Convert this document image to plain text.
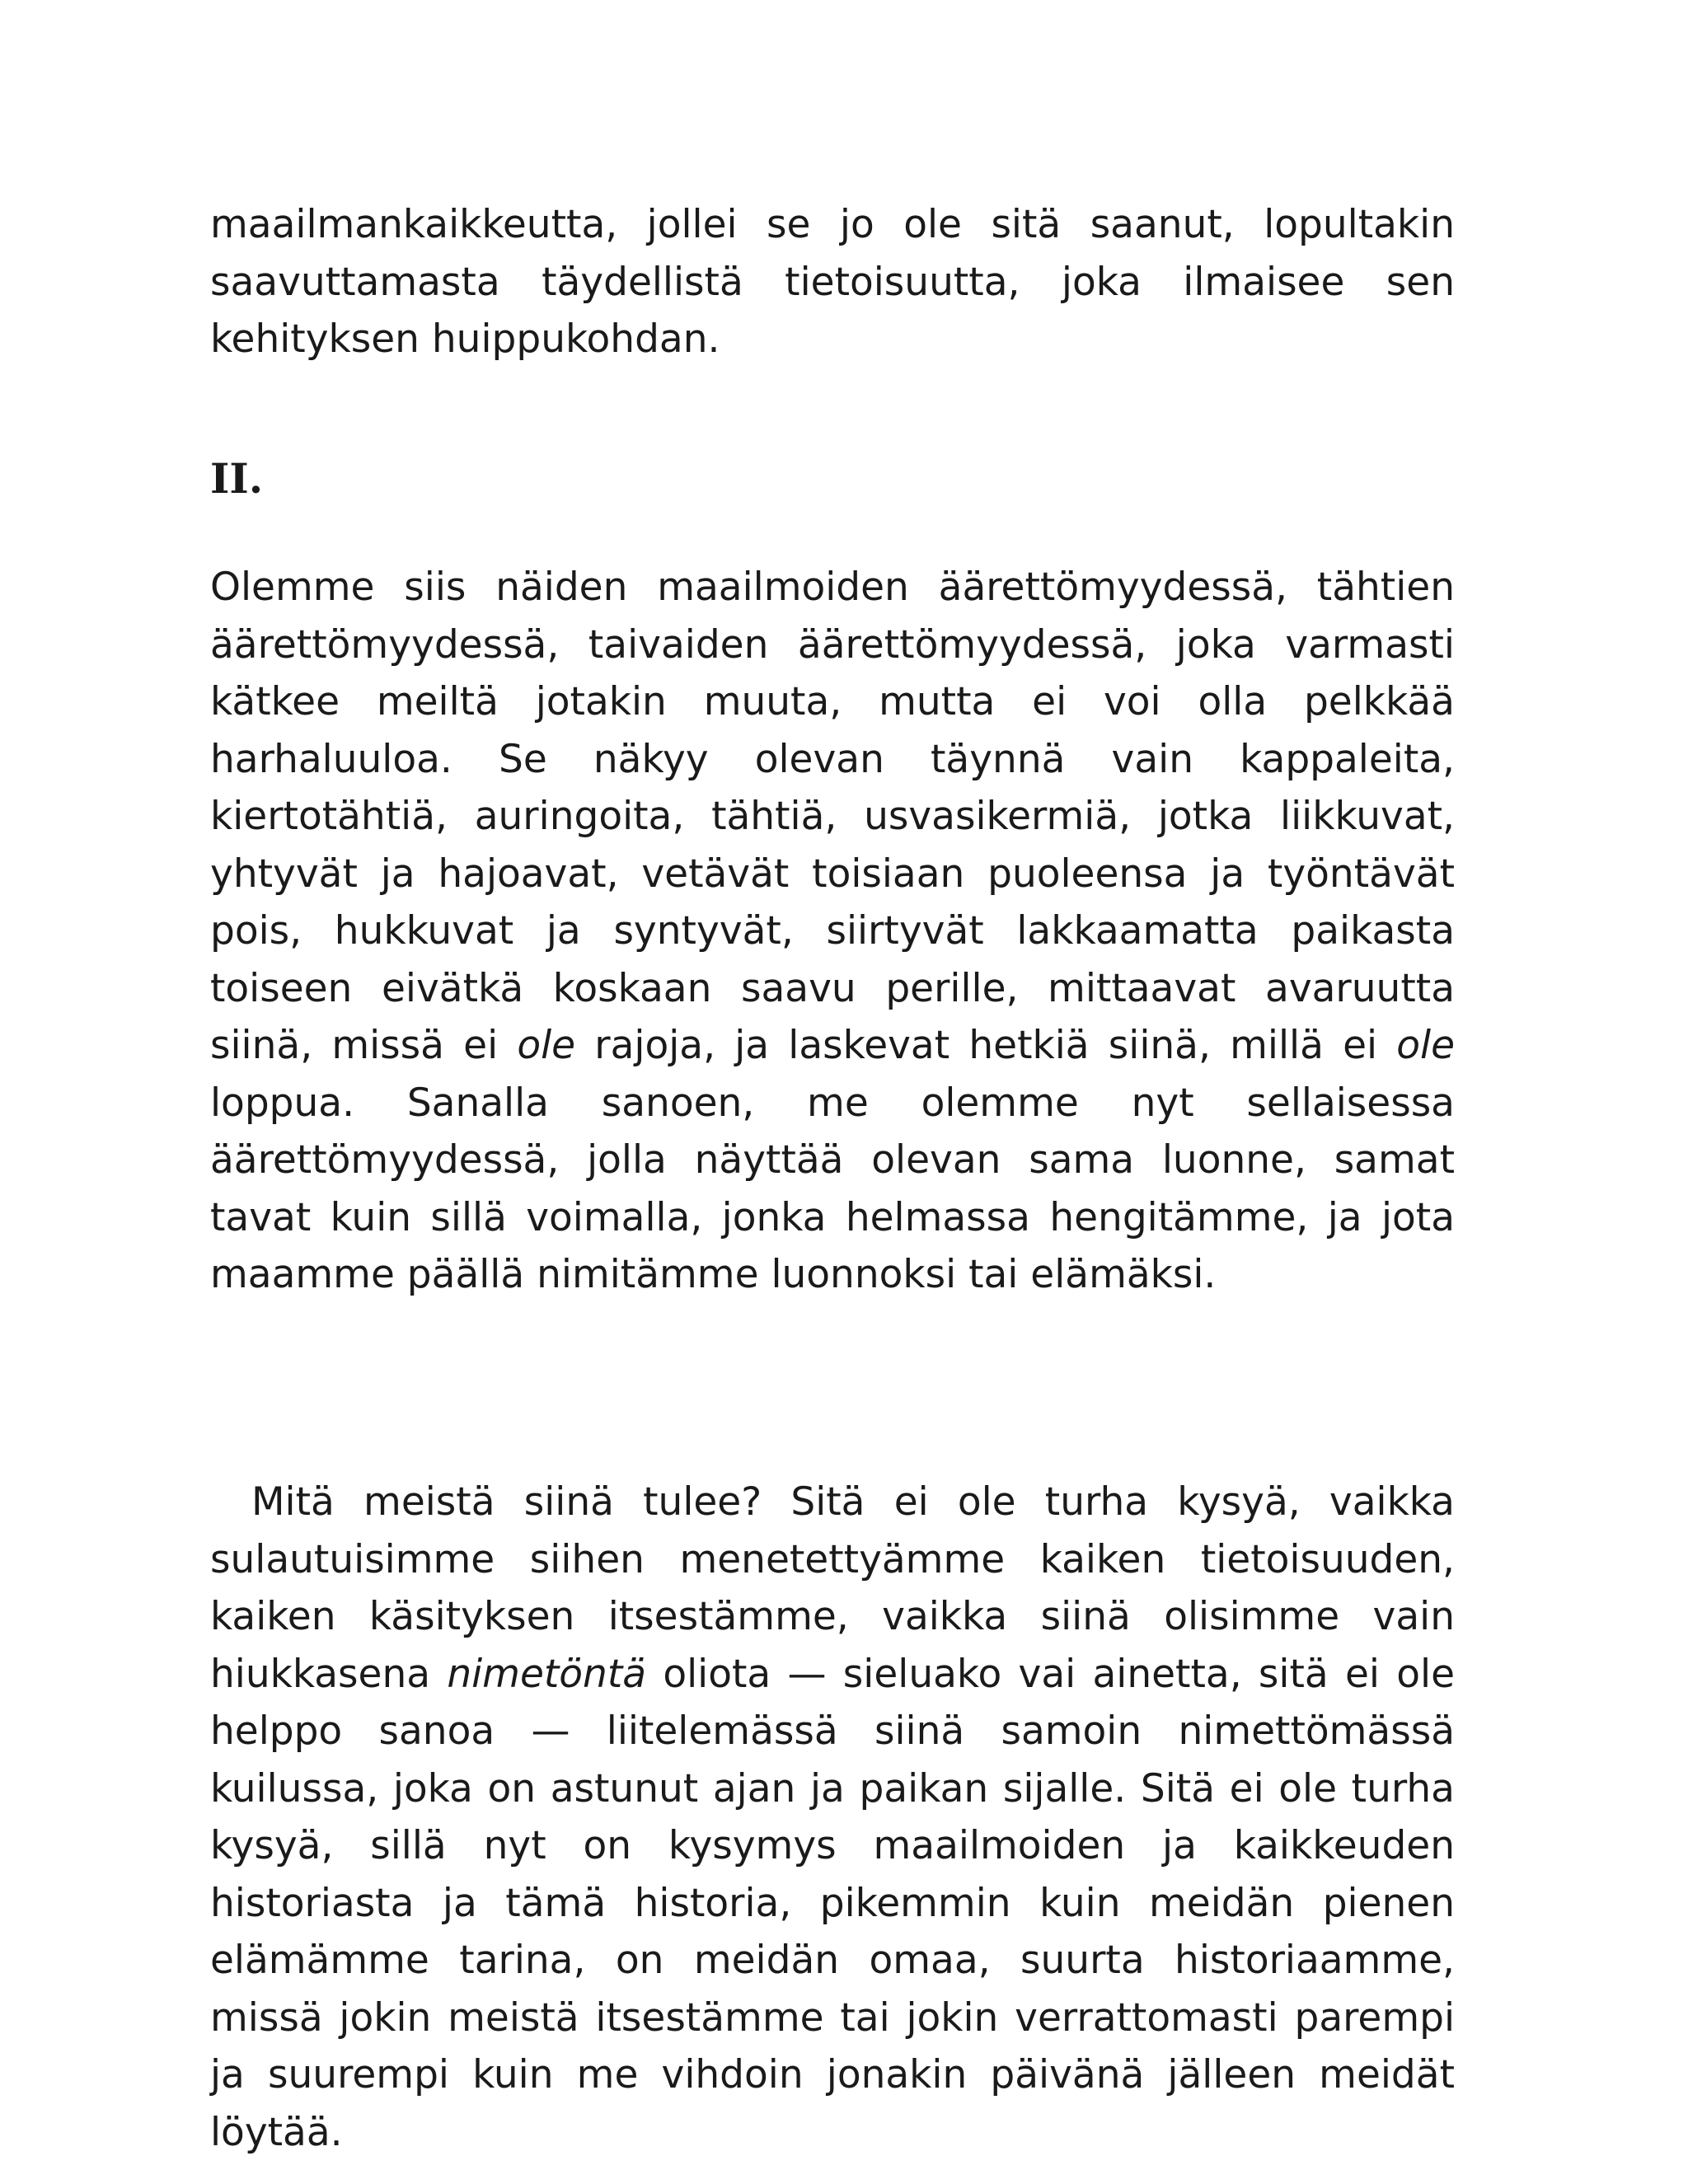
maailmankaikkeutta, jollei se jo ole sitä saanut, lopultakin saavuttamasta täydellistä tietoisuutta, joka ilmaisee sen kehityksen huippukohdan.

II.

Olemme siis näiden maailmoiden äärettömyydessä, tähtien äärettömyydessä, taivaiden äärettömyydessä, joka varmasti kätkee meiltä jotakin muuta, mutta ei voi olla pelkkää harhaluuloa. Se näkyy olevan täynnä vain kappaleita, kiertotähtiä, auringoita, tähtiä, usvasikermiä, jotka liikkuvat, yhtyvät ja hajoavat, vetävät toisiaan puoleensa ja työntävät pois, hukkuvat ja syntyvät, siirtyvät lakkaamatta paikasta toiseen eivätkä koskaan saavu perille, mittaavat avaruutta siinä, missä ei ole rajoja, ja laskevat hetkiä siinä, millä ei ole loppua. Sanalla sanoen, me olemme nyt sellaisessa äärettömyydessä, jolla näyttää olevan sama luonne, samat tavat kuin sillä voimalla, jonka helmassa hengitämme, ja jota maamme päällä nimitämme luonnoksi tai elämäksi.

Mitä meistä siinä tulee? Sitä ei ole turha kysyä, vaikka sulautuisimme siihen menetettyämme kaiken tietoisuuden, kaiken käsityksen itsestämme, vaikka siinä olisimme vain hiukkasena nimetöntä oliota — sieluako vai ainetta, sitä ei ole helppo sanoa — liitelemässä siinä samoin nimettömässä kuilussa, joka on astunut ajan ja paikan sijalle. Sitä ei ole turha kysyä, sillä nyt on kysymys maailmoiden ja kaikkeuden historiasta ja tämä historia, pikemmin kuin meidän pienen elämämme tarina, on meidän omaa, suurta historiaamme, missä jokin meistä itsestämme tai jokin verrattomasti parempi ja suurempi kuin me vihdoin jonakin päivänä jälleen meidät löytää.
